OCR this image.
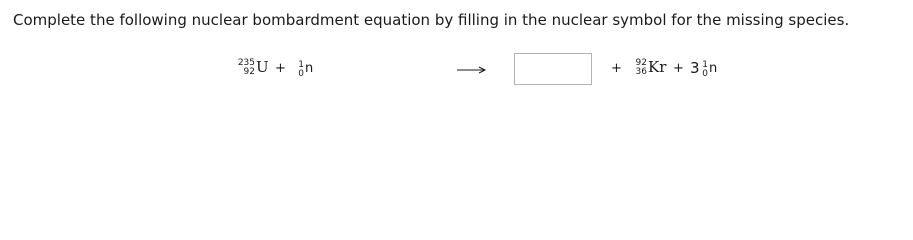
Complete the following nuclear bombardment equation by filling in the nuclear symbol for the missing species.
235
92 U + 1
0 n	+ 92
36 Kr + 3 1
0 n
